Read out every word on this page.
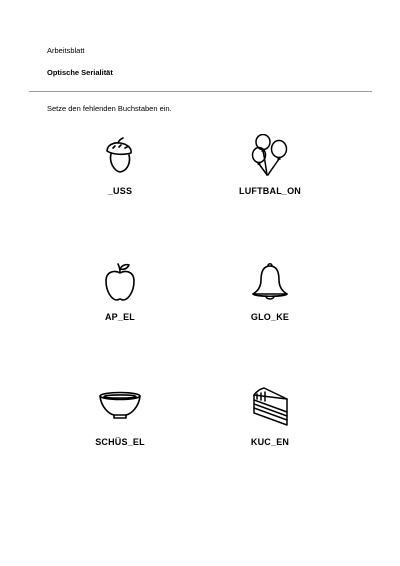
Arbeitsblatt
Optische Serialität
Setze den fehlenden Buchstaben ein.
_USS	LUFTBAL_ON
AP_EL	GLO_KE
SCHÜS_EL	KUC_EN
